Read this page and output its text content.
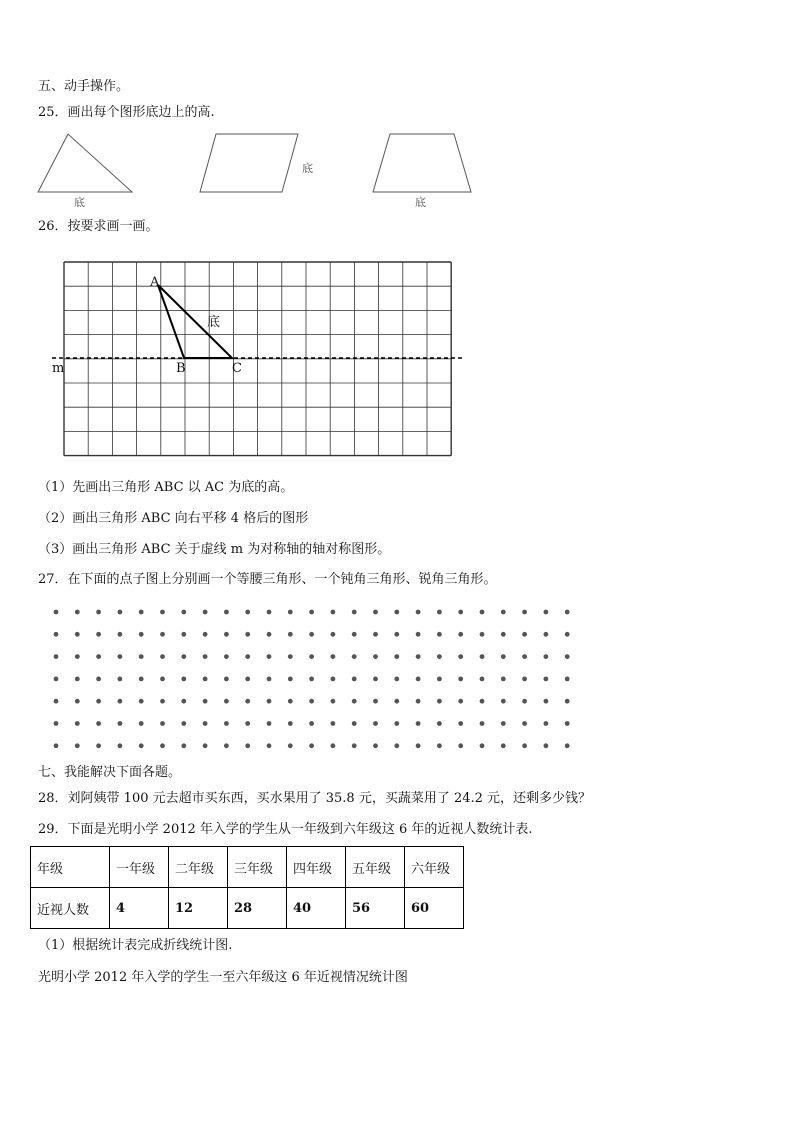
五、动手操作。
25．画出每个图形底边上的高.
底
底
底
26．按要求画一画。
A
B	C
底
m
（1）先画出三角形 ABC 以 AC 为底的高。
（2）画出三角形 ABC 向右平移 4 格后的图形
（3）画出三角形 ABC 关于虚线 m 为对称轴的轴对称图形。
27．在下面的点子图上分别画一个等腰三角形、一个钝角三角形、锐角三角形。
七、我能解决下面各题。
28．刘阿姨带 100 元去超市买东西，买水果用了 35.8 元，买蔬菜用了 24.2 元，还剩多少钱？
29．下面是光明小学 2012 年入学的学生从一年级到六年级这 6 年的近视人数统计表.
年级	一年级	二年级	三年级	四年级	五年级	六年级
近视人数	4	12	28	40	56	60
（1）根据统计表完成折线统计图.
光明小学 2012 年入学的学生一至六年级这 6 年近视情况统计图
